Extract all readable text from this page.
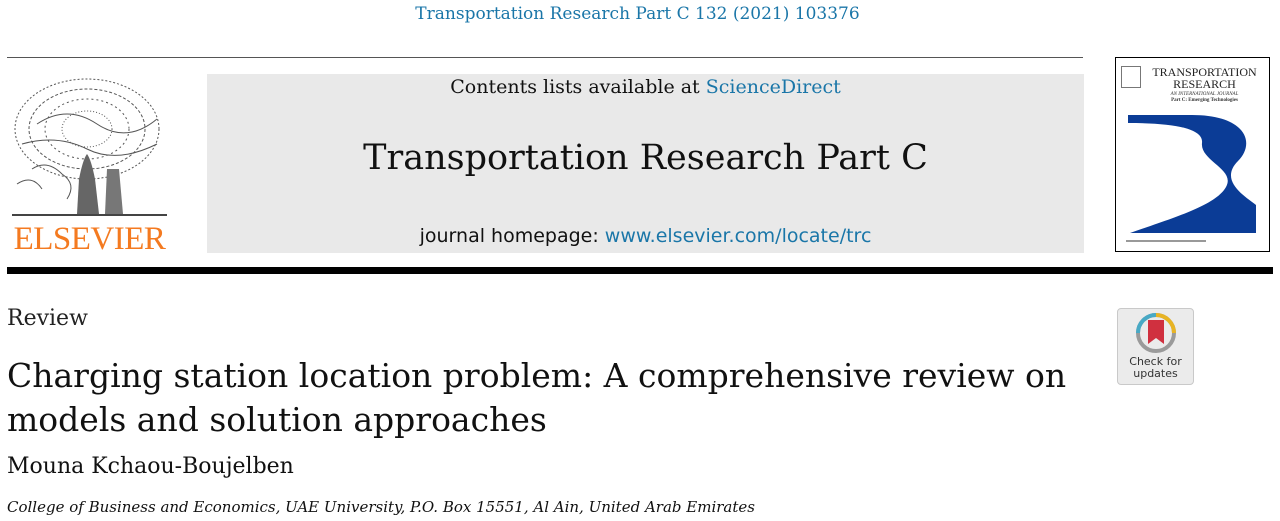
Transportation Research Part C 132 (2021) 103376
ELSEVIER
Contents lists available at ScienceDirect
Transportation Research Part C
journal homepage: www.elsevier.com/locate/trc
TRANSPORTATION RESEARCH
AN INTERNATIONAL JOURNAL
Part C: Emerging Technologies
Review
Charging station location problem: A comprehensive review on models and solution approaches
Mouna Kchaou-Boujelben
College of Business and Economics, UAE University, P.O. Box 15551, Al Ain, United Arab Emirates
Check for
updates
